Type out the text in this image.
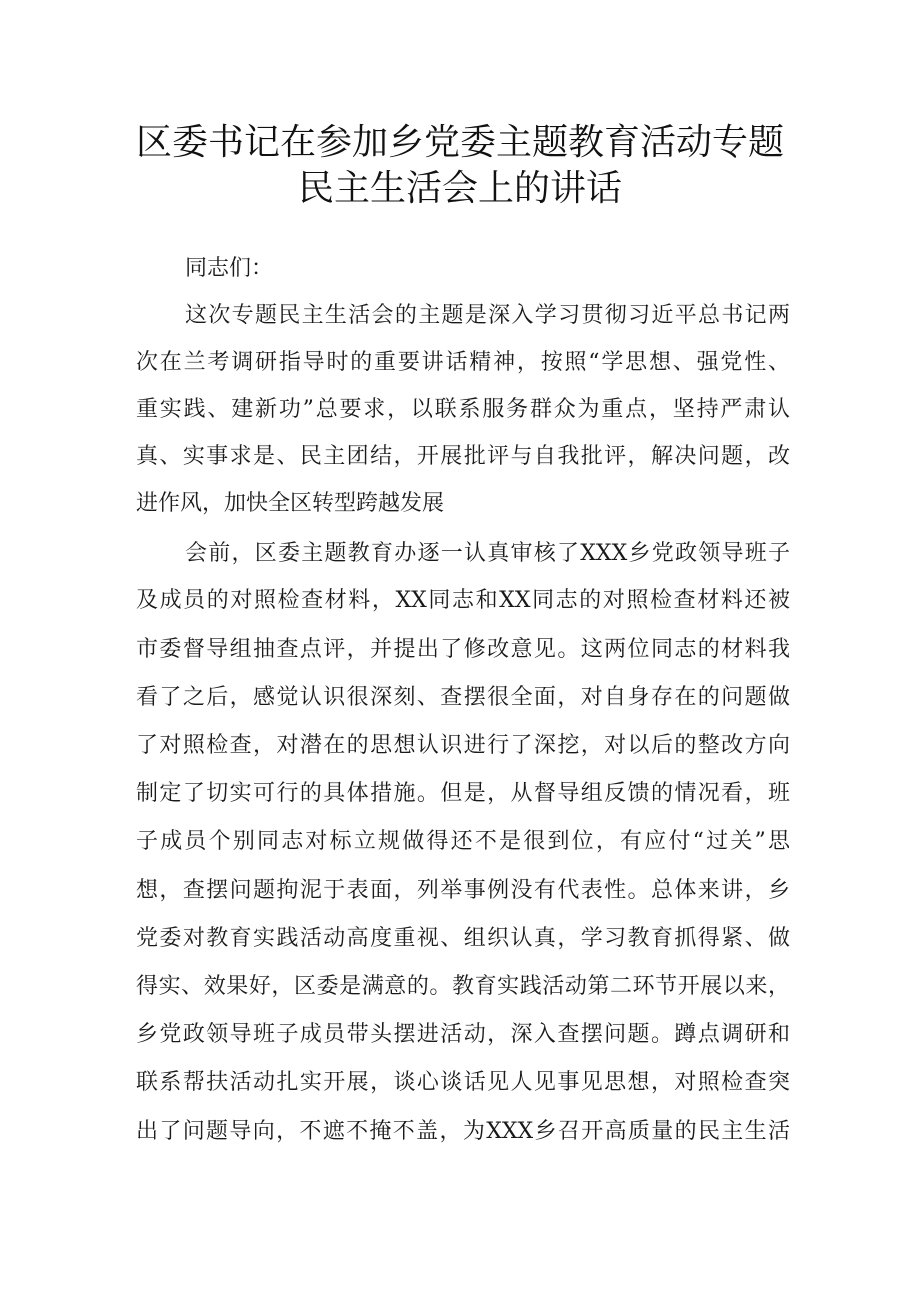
区委书记在参加乡党委主题教育活动专题
民主生活会上的讲话
同志们：
这次专题民主生活会的主题是深入学习贯彻习近平总书记两
次在兰考调研指导时的重要讲话精神，按照“学思想、强党性、
重实践、建新功”总要求，以联系服务群众为重点，坚持严肃认
真、实事求是、民主团结，开展批评与自我批评，解决问题，改
进作风，加快全区转型跨越发展
会前，区委主题教育办逐一认真审核了XXX乡党政领导班子
及成员的对照检查材料，XX同志和XX同志的对照检查材料还被
市委督导组抽查点评，并提出了修改意见。这两位同志的材料我
看了之后，感觉认识很深刻、查摆很全面，对自身存在的问题做
了对照检查，对潜在的思想认识进行了深挖，对以后的整改方向
制定了切实可行的具体措施。但是，从督导组反馈的情况看，班
子成员个别同志对标立规做得还不是很到位，有应付“过关”思
想，查摆问题拘泥于表面，列举事例没有代表性。总体来讲，乡
党委对教育实践活动高度重视、组织认真，学习教育抓得紧、做
得实、效果好，区委是满意的。教育实践活动第二环节开展以来，
乡党政领导班子成员带头摆进活动，深入查摆问题。蹲点调研和
联系帮扶活动扎实开展，谈心谈话见人见事见思想，对照检查突
出了问题导向，不遮不掩不盖，为XXX乡召开高质量的民主生活
